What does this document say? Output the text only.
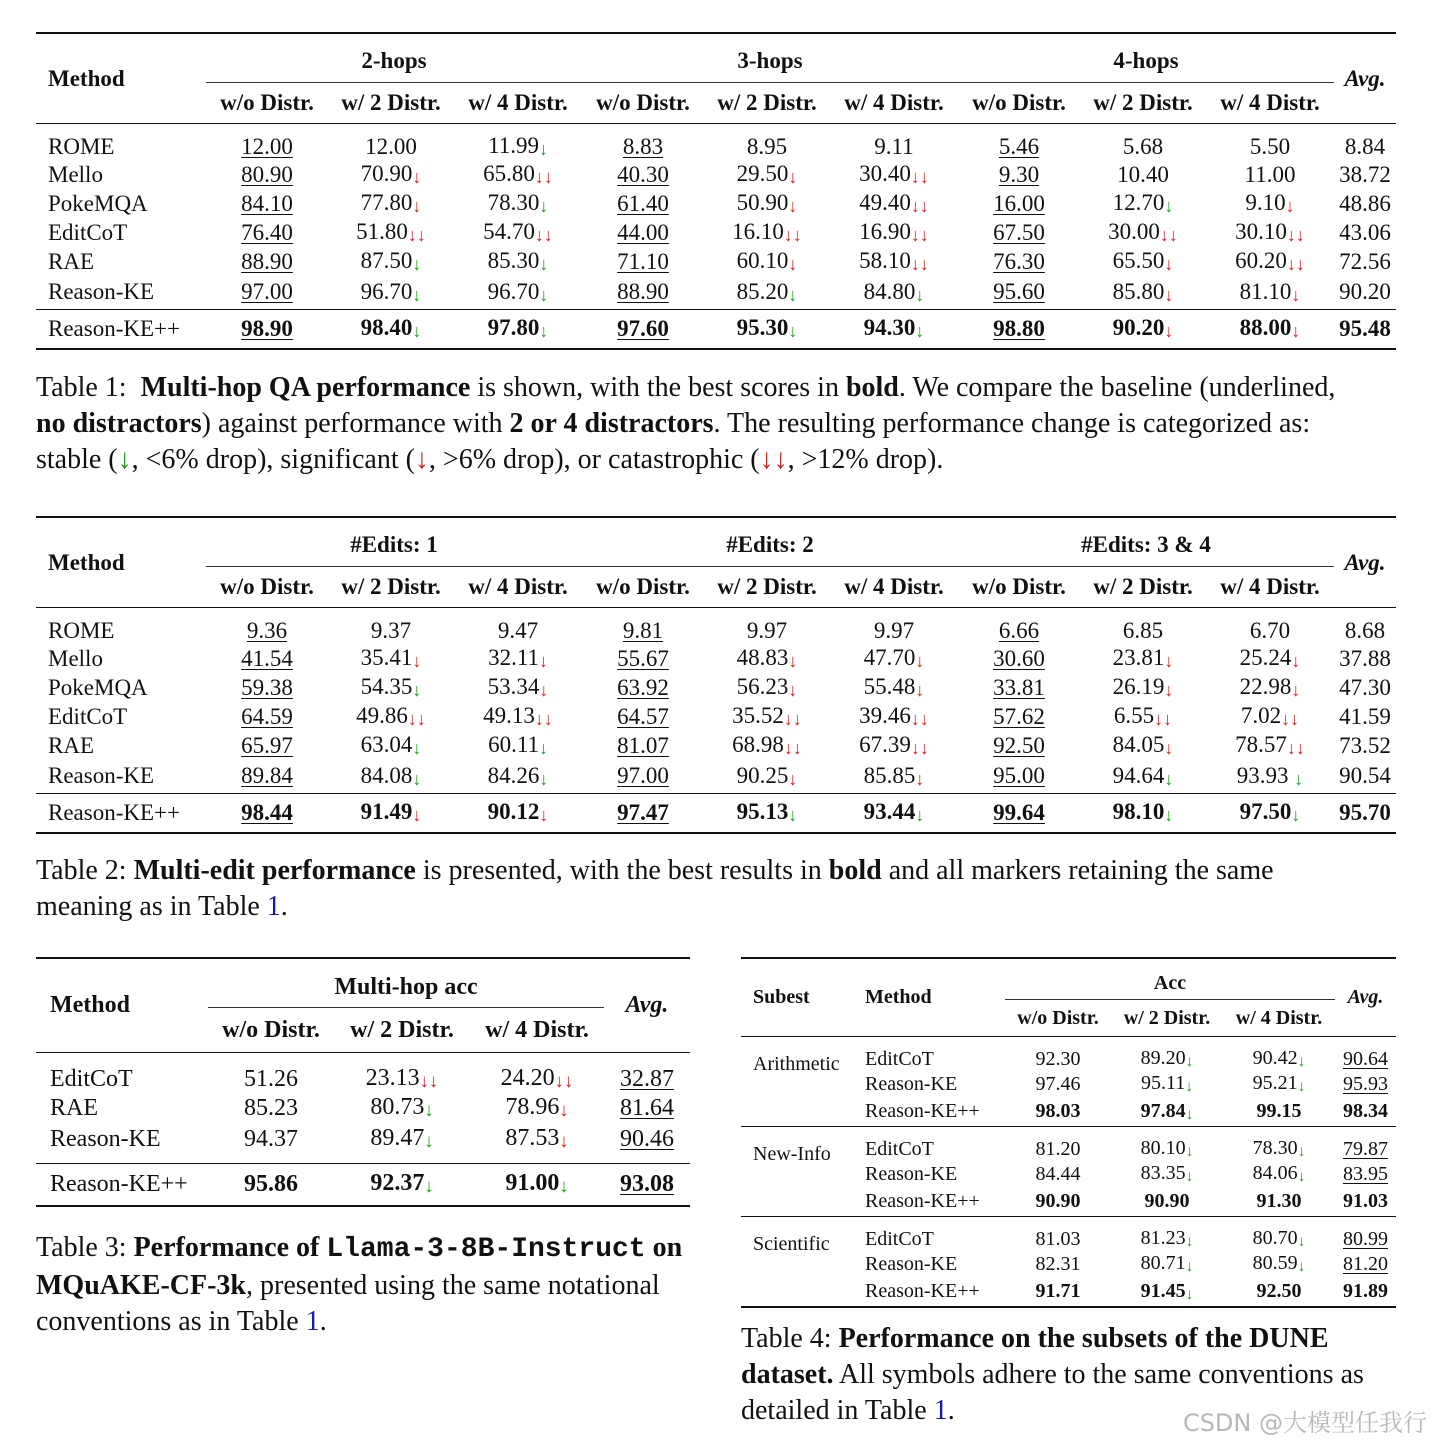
Method	2-hops			3-hops			4-hops			Avg.
	w/o Distr.	w/ 2 Distr.	w/ 4 Distr.	w/o Distr.	w/ 2 Distr.	w/ 4 Distr.	w/o Distr.	w/ 2 Distr.	w/ 4 Distr.	
ROME	12.00	12.00	11.99↓	8.83	8.95	9.11	5.46	5.68	5.50	8.84
Mello	80.90	70.90↓	65.80↓↓	40.30	29.50↓	30.40↓↓	9.30	10.40	11.00	38.72
PokeMQA	84.10	77.80↓	78.30↓	61.40	50.90↓	49.40↓↓	16.00	12.70↓	9.10↓	48.86
EditCoT	76.40	51.80↓↓	54.70↓↓	44.00	16.10↓↓	16.90↓↓	67.50	30.00↓↓	30.10↓↓	43.06
RAE	88.90	87.50↓	85.30↓	71.10	60.10↓	58.10↓↓	76.30	65.50↓	60.20↓↓	72.56
Reason-KE	97.00	96.70↓	96.70↓	88.90	85.20↓	84.80↓	95.60	85.80↓	81.10↓	90.20
Reason-KE++	98.90	98.40↓	97.80↓	97.60	95.30↓	94.30↓	98.80	90.20↓	88.00↓	95.48
Table 1: Multi-hop QA performance is shown, with the best scores in bold. We compare the baseline (underlined,
no distractors) against performance with 2 or 4 distractors. The resulting performance change is categorized as:
stable (↓, <6% drop), significant (↓, >6% drop), or catastrophic (↓↓, >12% drop).
Method	#Edits: 1			#Edits: 2			#Edits: 3 & 4			Avg.
	w/o Distr.	w/ 2 Distr.	w/ 4 Distr.	w/o Distr.	w/ 2 Distr.	w/ 4 Distr.	w/o Distr.	w/ 2 Distr.	w/ 4 Distr.	
ROME	9.36	9.37	9.47	9.81	9.97	9.97	6.66	6.85	6.70	8.68
Mello	41.54	35.41↓	32.11↓	55.67	48.83↓	47.70↓	30.60	23.81↓	25.24↓	37.88
PokeMQA	59.38	54.35↓	53.34↓	63.92	56.23↓	55.48↓	33.81	26.19↓	22.98↓	47.30
EditCoT	64.59	49.86↓↓	49.13↓↓	64.57	35.52↓↓	39.46↓↓	57.62	6.55↓↓	7.02↓↓	41.59
RAE	65.97	63.04↓	60.11↓	81.07	68.98↓↓	67.39↓↓	92.50	84.05↓	78.57↓↓	73.52
Reason-KE	89.84	84.08↓	84.26↓	97.00	90.25↓	85.85↓	95.00	94.64↓	93.93 ↓	90.54
Reason-KE++	98.44	91.49↓	90.12↓	97.47	95.13↓	93.44↓	99.64	98.10↓	97.50↓	95.70
Table 2: Multi-edit performance is presented, with the best results in bold and all markers retaining the same
meaning as in Table 1.
Method	Multi-hop acc			Avg.
	w/o Distr.	w/ 2 Distr.	w/ 4 Distr.	
EditCoT	51.26	23.13↓↓	24.20↓↓	32.87
RAE	85.23	80.73↓	78.96↓	81.64
Reason-KE	94.37	89.47↓	87.53↓	90.46

Reason-KE++	95.86	92.37↓	91.00↓	93.08
Table 3: Performance of Llama-3-8B-Instruct on
MQuAKE-CF-3k, presented using the same notational
conventions as in Table 1.
Subest	Method	Acc			Avg.
		w/o Distr.	w/ 2 Distr.	w/ 4 Distr.	
Arithmetic	EditCoT	92.30	89.20↓	90.42↓	90.64
	Reason-KE	97.46	95.11↓	95.21↓	95.93
	Reason-KE++	98.03	97.84↓	99.15	98.34
New-Info	EditCoT	81.20	80.10↓	78.30↓	79.87
	Reason-KE	84.44	83.35↓	84.06↓	83.95
	Reason-KE++	90.90	90.90	91.30	91.03
Scientific	EditCoT	81.03	81.23↓	80.70↓	80.99
	Reason-KE	82.31	80.71↓	80.59↓	81.20
	Reason-KE++	91.71	91.45↓	92.50	91.89
Table 4: Performance on the subsets of the DUNE
dataset. All symbols adhere to the same conventions as
detailed in Table 1.	CSDN @大模型任我行
